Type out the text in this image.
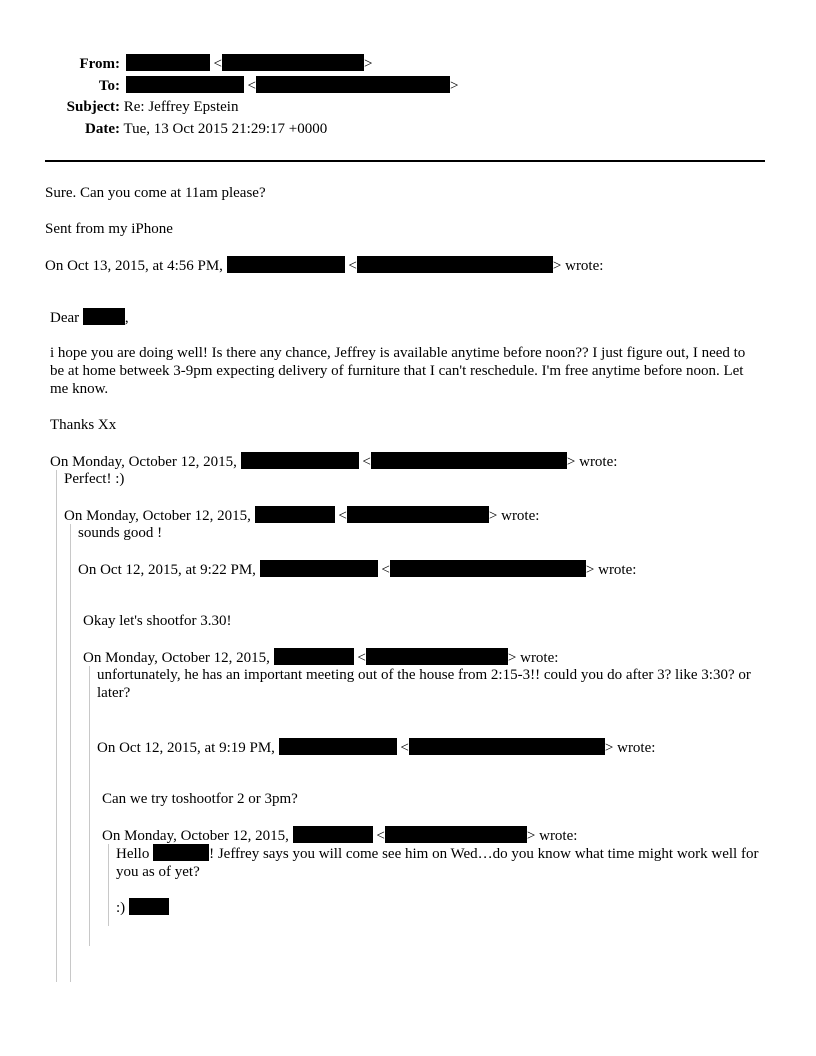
From:	<	>
To:	<	>
Subject: Re: Jeffrey Epstein
Date: Tue, 13 Oct 2015 21:29:17 +0000
Sure. Can you come at 11am please?
Sent from my iPhone
On Oct 13, 2015, at 4:56 PM,	<	> wrote:
Dear	,
i hope you are doing well! Is there any chance, Jeffrey is available anytime before noon?? I just figure out, I need to be at home betweek 3-9pm expecting delivery of furniture that I can't reschedule. I'm free anytime before noon. Let me know.
Thanks Xx
On Monday, October 12, 2015,	<	> wrote:
Perfect! :)
On Monday, October 12, 2015,	<	> wrote:
sounds good !
On Oct 12, 2015, at 9:22 PM,	<	> wrote:
Okay let's shootfor 3.30!
On Monday, October 12, 2015,	<	> wrote:
unfortunately, he has an important meeting out of the house from 2:15-3!! could you do after 3? like 3:30? or later?
On Oct 12, 2015, at 9:19 PM,	<	> wrote:
Can we try toshootfor 2 or 3pm?
On Monday, October 12, 2015,	<	> wrote:
Hello	! Jeffrey says you will come see him on Wed…do you know what time might work well for you as of yet?
:)
